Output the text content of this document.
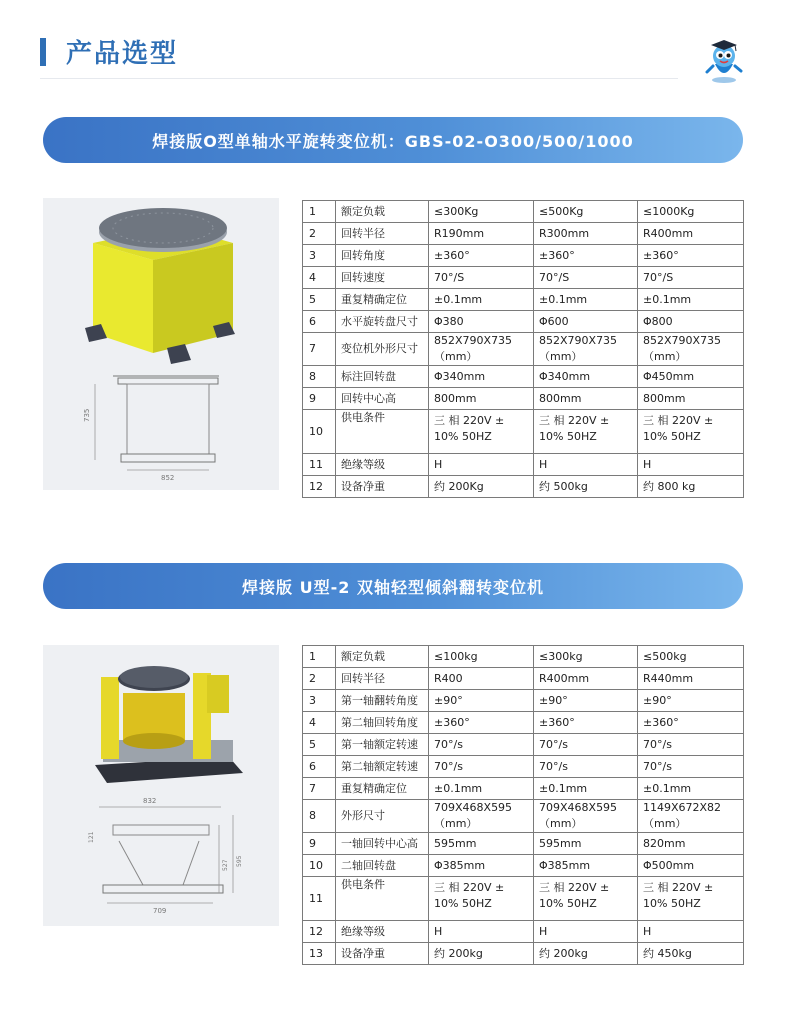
产品选型
焊接版O型单轴水平旋转变位机：GBS-02-O300/500/1000
735
852
1	额定负载	≤300Kg	≤500Kg	≤1000Kg
2	回转半径	R190mm	R300mm	R400mm
3	回转角度	±360°	±360°	±360°
4	回转速度	70°/S	70°/S	70°/S
5	重复精确定位	±0.1mm	±0.1mm	±0.1mm
6	水平旋转盘尺寸	Φ380	Φ600	Φ800
7	变位机外形尺寸	852X790X735（mm）	852X790X735（mm）	852X790X735（mm）
8	标注回转盘	Φ340mm	Φ340mm	Φ450mm
9	回转中心高	800mm	800mm	800mm
10	供电条件	三 相 220V ± 10% 50HZ	三 相 220V ± 10% 50HZ	三 相 220V ± 10% 50HZ
11	绝缘等级	H	H	H
12	设备净重	约 200Kg	约 500kg	约 800 kg
焊接版 U型-2 双轴轻型倾斜翻转变位机
832
709
121
527 595
1	额定负载	≤100kg	≤300kg	≤500kg
2	回转半径	R400	R400mm	R440mm
3	第一轴翻转角度	±90°	±90°	±90°
4	第二轴回转角度	±360°	±360°	±360°
5	第一轴额定转速	70°/s	70°/s	70°/s
6	第二轴额定转速	70°/s	70°/s	70°/s
7	重复精确定位	±0.1mm	±0.1mm	±0.1mm
8	外形尺寸	709X468X595（mm）	709X468X595（mm）	1149X672X82（mm）
9	一轴回转中心高	595mm	595mm	820mm
10	二轴回转盘	Φ385mm	Φ385mm	Φ500mm
11	供电条件	三 相 220V ± 10% 50HZ	三 相 220V ± 10% 50HZ	三 相 220V ± 10% 50HZ
12	绝缘等级	H	H	H
13	设备净重	约 200kg	约 200kg	约 450kg
